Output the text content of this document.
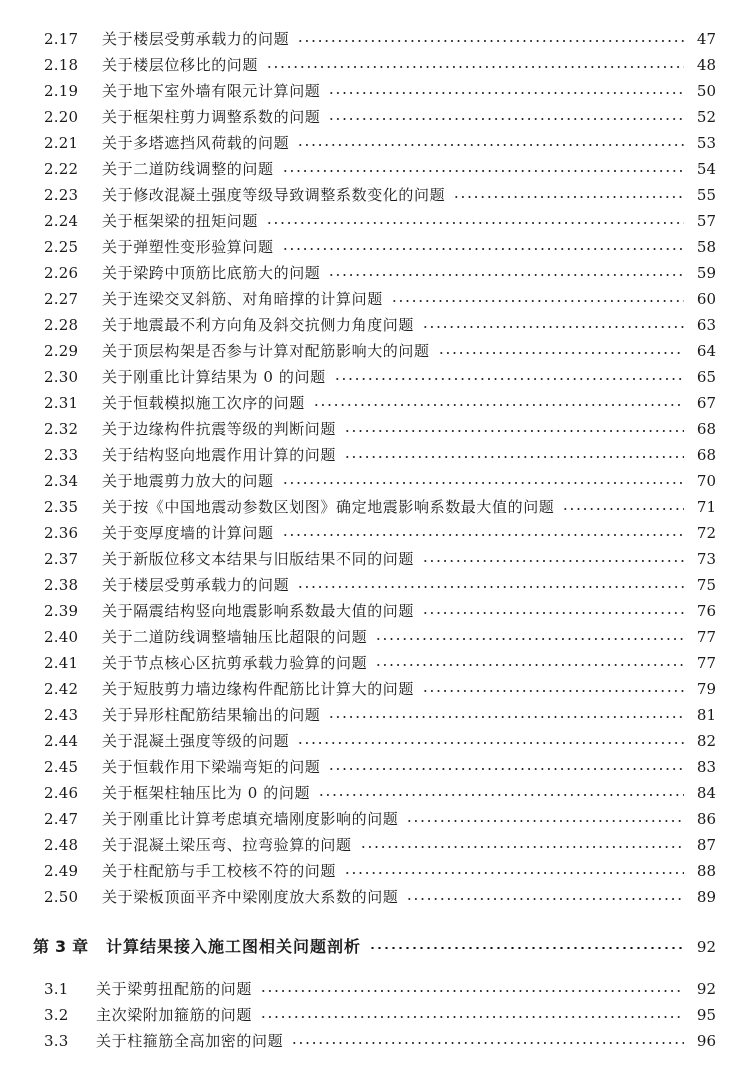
2.17 关于楼层受剪承载力的问题	47
2.18 关于楼层位移比的问题	48
2.19 关于地下室外墙有限元计算问题	50
2.20 关于框架柱剪力调整系数的问题	52
2.21 关于多塔遮挡风荷载的问题	53
2.22 关于二道防线调整的问题	54
2.23 关于修改混凝土强度等级导致调整系数变化的问题	55
2.24 关于框架梁的扭矩问题	57
2.25 关于弹塑性变形验算问题	58
2.26 关于梁跨中顶筋比底筋大的问题	59
2.27 关于连梁交叉斜筋、对角暗撑的计算问题	60
2.28 关于地震最不利方向角及斜交抗侧力角度问题	63
2.29 关于顶层构架是否参与计算对配筋影响大的问题	64
2.30 关于刚重比计算结果为 0 的问题	65
2.31 关于恒载模拟施工次序的问题	67
2.32 关于边缘构件抗震等级的判断问题	68
2.33 关于结构竖向地震作用计算的问题	68
2.34 关于地震剪力放大的问题	70
2.35 关于按《中国地震动参数区划图》确定地震影响系数最大值的问题	71
2.36 关于变厚度墙的计算问题	72
2.37 关于新版位移文本结果与旧版结果不同的问题	73
2.38 关于楼层受剪承载力的问题	75
2.39 关于隔震结构竖向地震影响系数最大值的问题	76
2.40 关于二道防线调整墙轴压比超限的问题	77
2.41 关于节点核心区抗剪承载力验算的问题	77
2.42 关于短肢剪力墙边缘构件配筋比计算大的问题	79
2.43 关于异形柱配筋结果输出的问题	81
2.44 关于混凝土强度等级的问题	82
2.45 关于恒载作用下梁端弯矩的问题	83
2.46 关于框架柱轴压比为 0 的问题	84
2.47 关于刚重比计算考虑填充墙刚度影响的问题	86
2.48 关于混凝土梁压弯、拉弯验算的问题	87
2.49 关于柱配筋与手工校核不符的问题	88
2.50 关于梁板顶面平齐中梁刚度放大系数的问题	89
第 3 章 计算结果接入施工图相关问题剖析	92
3.1 关于梁剪扭配筋的问题	92
3.2 主次梁附加箍筋的问题	95
3.3 关于柱箍筋全高加密的问题	96
